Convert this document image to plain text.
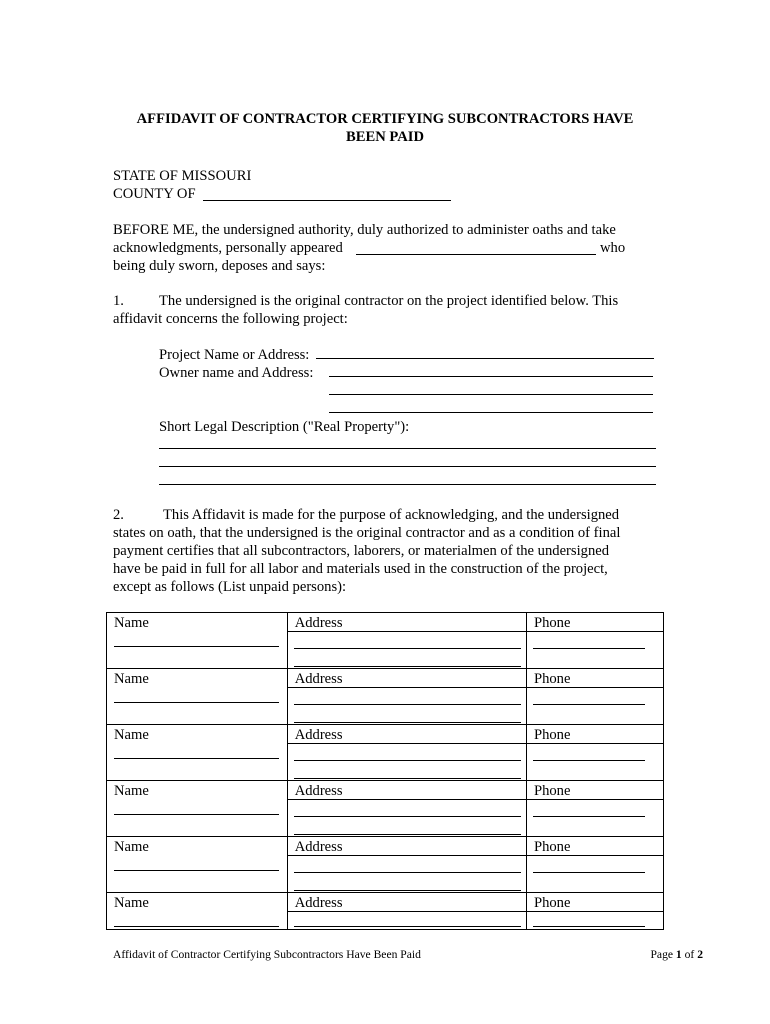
AFFIDAVIT OF CONTRACTOR CERTIFYING SUBCONTRACTORS HAVE
BEEN PAID
STATE OF MISSOURI
COUNTY OF
BEFORE ME, the undersigned authority, duly authorized to administer oaths and take
acknowledgments, personally appeared	who
being duly sworn, deposes and says:
1. The undersigned is the original contractor on the project identified below. This
affidavit concerns the following project:
Project Name or Address:
Owner name and Address:
Short Legal Description ("Real Property"):
2.	This Affidavit is made for the purpose of acknowledging, and the undersigned
states on oath, that the undersigned is the original contractor and as a condition of final
payment certifies that all subcontractors, laborers, or materialmen of the undersigned
have be paid in full for all labor and materials used in the construction of the project,
except as follows (List unpaid persons):
Name	Address	Phone

Name	Address	Phone

Name	Address	Phone

Name	Address	Phone

Name	Address	Phone

Name	Address	Phone
Affidavit of Contractor Certifying Subcontractors Have Been Paid	Page 1 of 2
